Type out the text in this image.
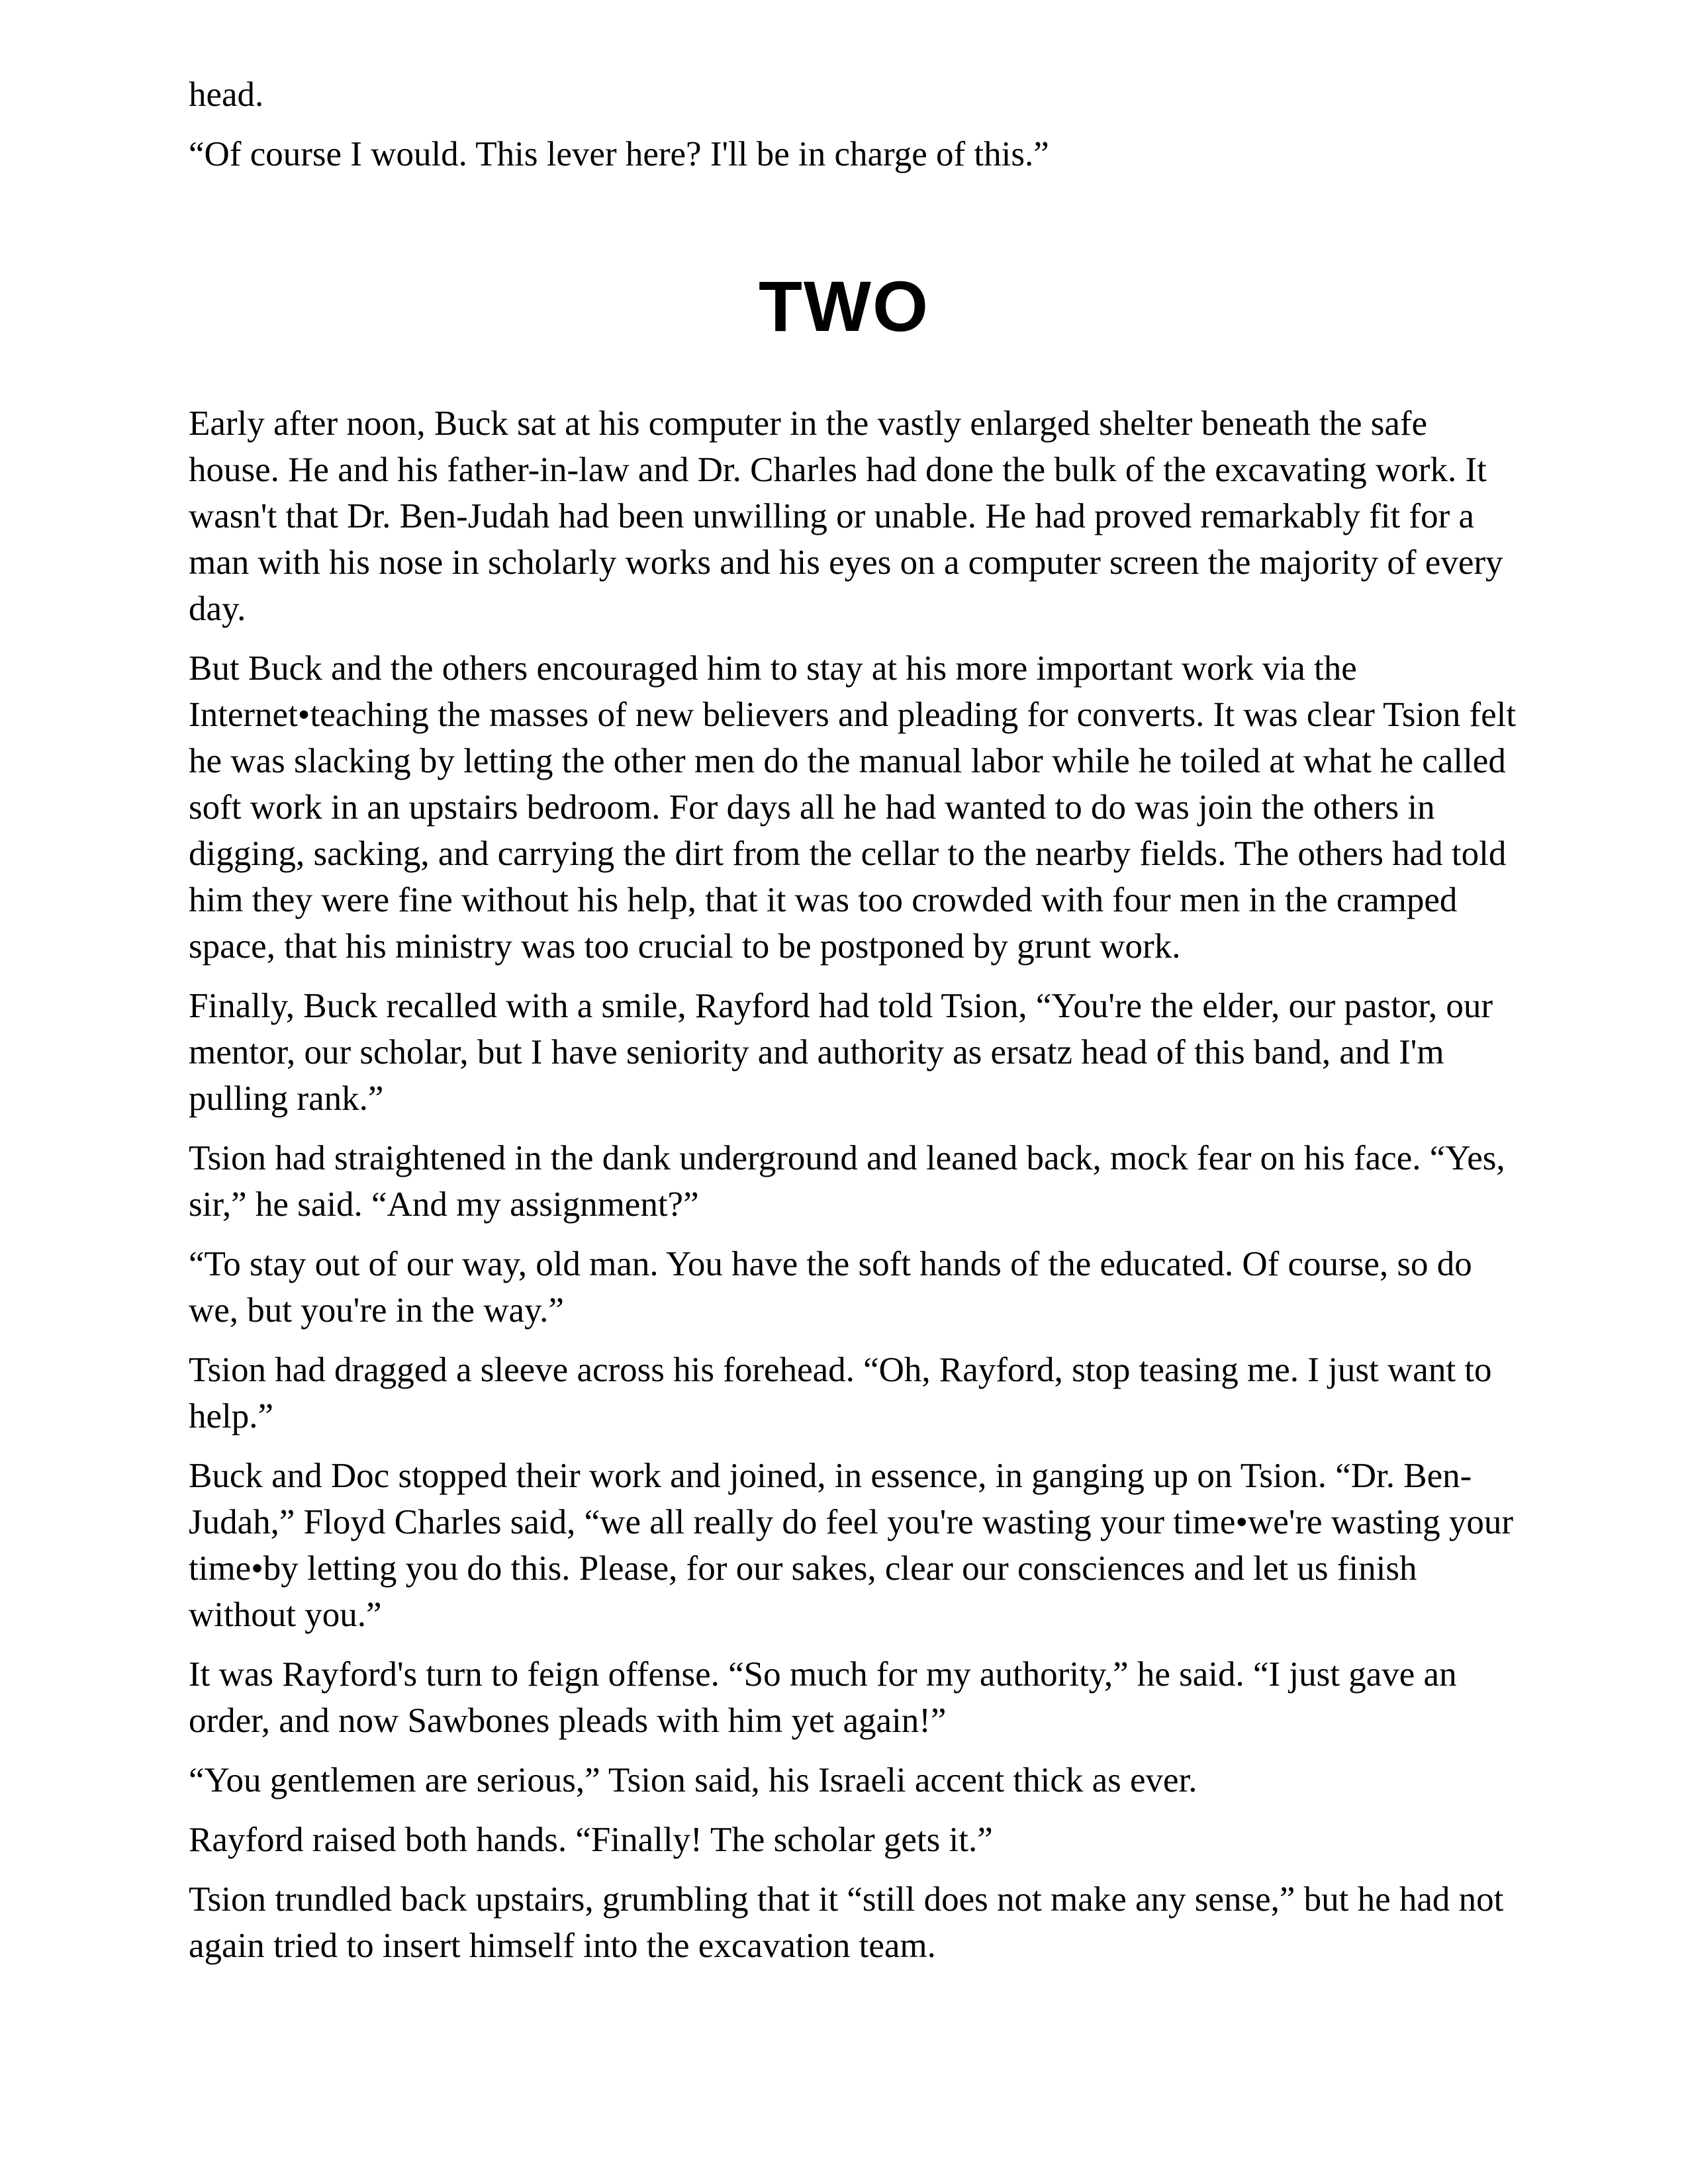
head.

“Of course I would. This lever here? I'll be in charge of this.”

TWO

Early after noon, Buck sat at his computer in the vastly enlarged shelter beneath the safe house. He and his father-in-law and Dr. Charles had done the bulk of the excavating work. It wasn't that Dr. Ben-Judah had been unwilling or unable. He had proved remarkably fit for a man with his nose in scholarly works and his eyes on a computer screen the majority of every day.

But Buck and the others encouraged him to stay at his more important work via the Internet•teaching the masses of new believers and pleading for converts. It was clear Tsion felt he was slacking by letting the other men do the manual labor while he toiled at what he called soft work in an upstairs bedroom. For days all he had wanted to do was join the others in digging, sacking, and carrying the dirt from the cellar to the nearby fields. The others had told him they were fine without his help, that it was too crowded with four men in the cramped space, that his ministry was too crucial to be postponed by grunt work.

Finally, Buck recalled with a smile, Rayford had told Tsion, “You're the elder, our pastor, our mentor, our scholar, but I have seniority and authority as ersatz head of this band, and I'm pulling rank.”

Tsion had straightened in the dank underground and leaned back, mock fear on his face. “Yes, sir,” he said. “And my assignment?”

“To stay out of our way, old man. You have the soft hands of the educated. Of course, so do we, but you're in the way.”

Tsion had dragged a sleeve across his forehead. “Oh, Rayford, stop teasing me. I just want to help.”

Buck and Doc stopped their work and joined, in essence, in ganging up on Tsion. “Dr. Ben-Judah,” Floyd Charles said, “we all really do feel you're wasting your time•we're wasting your time•by letting you do this. Please, for our sakes, clear our consciences and let us finish without you.”

It was Rayford's turn to feign offense. “So much for my authority,” he said. “I just gave an order, and now Sawbones pleads with him yet again!”

“You gentlemen are serious,” Tsion said, his Israeli accent thick as ever.

Rayford raised both hands. “Finally! The scholar gets it.”

Tsion trundled back upstairs, grumbling that it “still does not make any sense,” but he had not again tried to insert himself into the excavation team.
